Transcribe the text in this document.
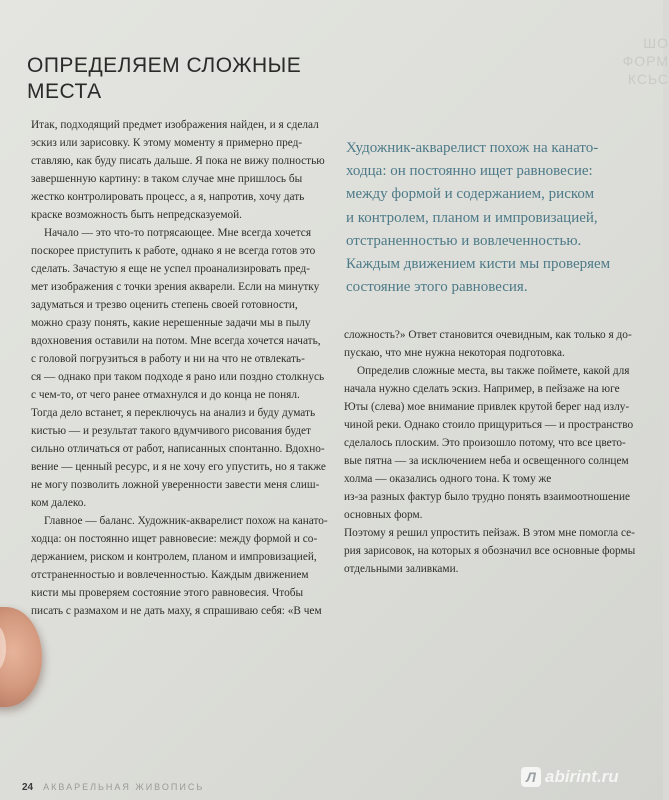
ШО
ФОРМ
КСЬС
ОПРЕДЕЛЯЕМ СЛОЖНЫЕ
МЕСТА
Итак, подходящий предмет изображения найден, и я сделал
эскиз или зарисовку. К этому моменту я примерно пред-
ставляю, как буду писать дальше. Я пока не вижу полностью
завершенную картину: в таком случае мне пришлось бы
жестко контролировать процесс, а я, напротив, хочу дать
краске возможность быть непредсказуемой.
Начало — это что-то потрясающее. Мне всегда хочется
поскорее приступить к работе, однако я не всегда готов это
сделать. Зачастую я еще не успел проанализировать пред-
мет изображения с точки зрения акварели. Если на минутку
задуматься и трезво оценить степень своей готовности,
можно сразу понять, какие нерешенные задачи мы в пылу
вдохновения оставили на потом. Мне всегда хочется начать,
с головой погрузиться в работу и ни на что не отвлекать-
ся — однако при таком подходе я рано или поздно столкнусь
с чем-то, от чего ранее отмахнулся и до конца не понял.
Тогда дело встанет, я переключусь на анализ и буду думать
кистью — и результат такого вдумчивого рисования будет
сильно отличаться от работ, написанных спонтанно. Вдохно-
вение — ценный ресурс, и я не хочу его упустить, но я также
не могу позволить ложной уверенности завести меня слиш-
ком далеко.
Главное — баланс. Художник-акварелист похож на канато-
ходца: он постоянно ищет равновесие: между формой и со-
держанием, риском и контролем, планом и импровизацией,
отстраненностью и вовлеченностью. Каждым движением
кисти мы проверяем состояние этого равновесия. Чтобы
писать с размахом и не дать маху, я спрашиваю себя: «В чем
Художник-акварелист похож на канато-
ходца: он постоянно ищет равновесие:
между формой и содержанием, риском
и контролем, планом и импровизацией,
отстраненностью и вовлеченностью.
Каждым движением кисти мы проверяем
состояние этого равновесия.
сложность?» Ответ становится очевидным, как только я до-
пускаю, что мне нужна некоторая подготовка.
Определив сложные места, вы также поймете, какой для
начала нужно сделать эскиз. Например, в пейзаже на юге
Юты (слева) мое внимание привлек крутой берег над излу-
чиной реки. Однако стоило прищуриться — и пространство
сделалось плоским. Это произошло потому, что все цвето-
вые пятна — за исключением неба и освещенного солнцем
холма — оказались одного тона. К тому же
из-за разных фактур было трудно понять взаимоотношение
основных форм.
Поэтому я решил упростить пейзаж. В этом мне помогла се-
рия зарисовок, на которых я обозначил все основные формы
отдельными заливками.
24 АКВАРЕЛЬНАЯ ЖИВОПИСЬ
Л abirint.ru
